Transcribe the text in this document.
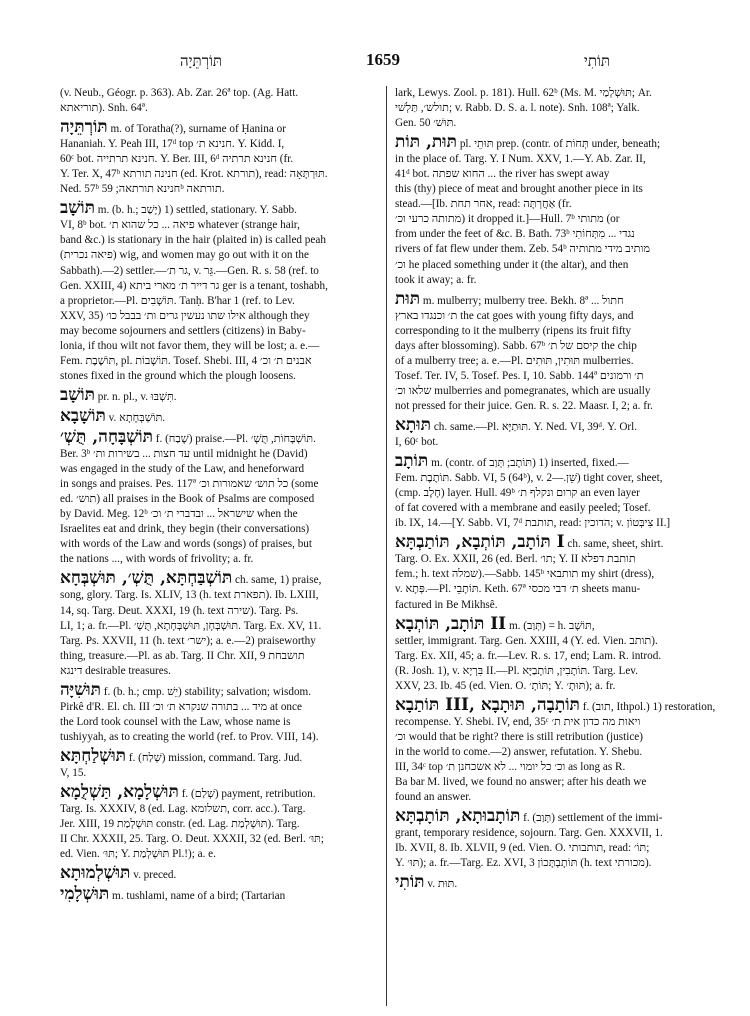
תּוֹרְתֵּיָה	1659	תּוֹתִי
(v. Neub., Géogr. p. 363). Ab. Zar. 26ª top. (Ag. Hatt.
תוריאתא). Snh. 64ª.
תּוֹרְתֵּיָה m. of Toratha(?), surname of Ḥanina or
Hananiah. Y. Peah III, 17ᵈ top חנינא ת׳. Y. Kidd. I,
60ᶜ bot. חנינא תרתייה. Y. Ber. III, 6ᵈ חנינא תרתיה (fr.
Y. Ter. X, 47ᵇ חנינה תורתא (ed. Krot. תורתא), read: תּוּרְתָּאָה.
Ned. 57ᵇ חנינא תורתאה; 59ᵇ תורתאה.
תּוֹשָׁב m. (b. h.; יָשַׁב) 1) settled, stationary. Y. Sabb.
VI, 8ᵇ bot. פיאה ... כל שהוא ת׳ whatever (strange hair,
band &c.) is stationary in the hair (plaited in) is called peah
(פיאה נכרית) wig, and women may go out with it on the
Sabbath).—2) settler.—גר ת׳, v. גֵּר.—Gen. R. s. 58 (ref. to
Gen. XXIII, 4) גר דייר ת׳ מארי ביתא ger is a tenant, toshabh,
a proprietor.—Pl. תּוֹשָׁבִים. Tanḥ. B'har 1 (ref. to Lev.
XXV, 35) אילו שתו נעשין גרים ות׳ בבבל כו׳ although they
may become sojourners and settlers (citizens) in Baby-
lonia, if thou wilt not favor them, they will be lost; a. e.—
Fem. תּוֹשֶׁבֶת, pl. תּוֹשָׁבוֹת. Tosef. Shebi. III, 4 אבנים ת׳ וכ׳
stones fixed in the ground which the plough loosens.
תּוֹשָׁב pr. n. pl., v. תִּשְׁבּוּ.
תּוֹשָׁבָא v. תּוֹשְׁבְּחָתָא.
תּוֹשְׁבָּחָה, תֻּשְׁ׳ f. (שָׁבַח) praise.—Pl. תּוֹשְׁבָּחוֹת, תֻּשְׁ׳.
Ber. 3ᵇ עד חצות ... בשירות ות׳ until midnight he (David)
was engaged in the study of the Law, and heneforward
in songs and praises. Pes. 117ª כל תוש׳ שאמורות וכ׳ (some
ed. תוש׳) all praises in the Book of Psalms are composed
by David. Meg. 12ᵇ שישראל ... ובדברי ת׳ וכ׳ when the
Israelites eat and drink, they begin (their conversations)
with words of the Law and words (songs) of praises, but
the nations ..., with words of frivolity; a. fr.
תּוֹשְׁבַּחְתָּא, תֻּשְׁ׳, תּוּשְׁבְּחָא ch. same, 1) praise,
song, glory. Targ. Is. XLIV, 13 (h. text תפארת). Ib. LXIII,
14, sq. Targ. Deut. XXXI, 19 (h. text שירה). Targ. Ps.
LI, 1; a. fr.—Pl. תּוּשְׁבְּחָן, תּוּשְׁבְּחָתָא, תֻּשְׁ׳. Targ. Ex. XV, 11.
Targ. Ps. XXVII, 11 (h. text ישר׳); a. e.—2) praiseworthy
thing, treasure.—Pl. as ab. Targ. II Chr. XII, 9 תושבחת
דינגא desirable treasures.
תּוּשִׁיָּה f. (b. h.; cmp. יֵשׁ) stability; salvation; wisdom.
Pirkê d'R. El. ch. III מיד ... בתורה שנקרא ת׳ וכ׳ at once
the Lord took counsel with the Law, whose name is
tushiyyah, as to creating the world (ref. to Prov. VIII, 14).
תּוּשְׁלַחְתָּא f. (שְׁלַח) mission, command. Targ. Jud.
V, 15.
תּוּשְׁלָמָא, תַּשְׁלֻמָא f. (שְׁלַם) payment, retribution.
Targ. Is. XXXIV, 8 (ed. Lag. תשלומא, corr. acc.). Targ.
Jer. XIII, 19 תּוּשְׁלְמַת constr. (ed. Lag. תּוּשְׁלְמַת). Targ.
II Chr. XXXII, 25. Targ. O. Deut. XXXII, 32 (ed. Berl. תּוּ׳;
ed. Vien. תּוּ׳; Y. תּוּשְׁלְמַת Pl.!); a. e.
תּוּשְׁלְמוּתָא v. preced.
תּוּשְׁלָמִי m. tushlami, name of a bird; (Tartarian
lark, Lewys. Zool. p. 181). Hull. 62ᵇ (Ms. M. תּוּשְׁלְמַי; Ar.
תולש׳, תַּלְשׁי; v. Rabb. D. S. a. l. note). Snh. 108ª; Yalk.
Gen. 50 תּוּשׁ׳.
תּוּת, תּוֹת pl. תּוּתֵי prep. (contr. of תְּחוֹת under, beneath;
in the place of. Targ. Y. I Num. XXV, 1.—Y. Ab. Zar. II,
41ᵈ bot. החוא שפתה ... the river has swept away
this (thy) piece of meat and brought another piece in its
stead.—[Ib. אחר תחת, read: אַחֲרְתָּה (fr.
מתותה כרעי וכ׳) it dropped it.]—Hull. 7ᵇ מתותי (or
from under the feet of &c. B. Bath. 73ᵇ נגדי ... מִתְּחוֹתִי
rivers of fat flew under them. Zeb. 54ᵇ מותיב מידי מתותיה
וכ׳ he placed something under it (the altar), and then
took it away; a. fr.
תּוּת m. mulberry; mulberry tree. Bekh. 8ª ... חתול
ת׳ וכנגדו בארץ the cat goes with young fifty days, and
corresponding to it the mulberry (ripens its fruit fifty
days after blossoming). Sabb. 67ᵇ קיסם של ת׳ the chip
of a mulberry tree; a. e.—Pl. תּוּתִין, תּוּתִים mulberries.
Tosef. Ter. IV, 5. Tosef. Pes. I, 10. Sabb. 144ª ת׳ ורמונים
שלאו וכ׳ mulberries and pomegranates, which are usually
not pressed for their juice. Gen. R. s. 22. Maasr. I, 2; a. fr.
תּוּתָא ch. same.—Pl. תּוּתַיָּא. Y. Ned. VI, 39ᵈ. Y. Orl.
I, 60ᶜ bot.
תּוֹתָב m. (contr. of תּוֹתָב; תְּוַב) 1) inserted, fixed.—
Fem. תּוֹתֶבֶת. Sabb. VI, 5 (64ᵇ), v. שֵׁן.—2) tight cover, sheet,
(cmp. חָלָב) layer. Hull. 49ᵇ קרום ונקלף ת׳ an even layer
of fat covered with a membrane and easily peeled; Tosef.
ib. IX, 14.—[Y. Sabb. VI, 7ᵈ תותבת, read: הדוכין; v. צִיבְּטוֹן II.]
תּוֹתָב, תּוֹתְבָא, תּוֹתַבְתָּא I ch. same, sheet, shirt.
Targ. O. Ex. XXII, 26 (ed. Berl. תו׳; Y. II תותבת דפלא
fem.; h. text שמלה).—Sabb. 145ᵇ תותבאי my shirt (dress),
v. פְּתָא.—Pl. תּוֹתָבֵי. Keth. 67ª ת׳ דבי מכסי sheets manu-
factured in Be Mikhsê.
תּוֹתָב, תּוֹתְבָא II m. (תְּוַב) = h. תּוֹשָׁב,
settler, immigrant. Targ. Gen. XXIII, 4 (Y. ed. Vien. תותב).
Targ. Ex. XII, 45; a. fr.—Lev. R. s. 17, end; Lam. R. introd.
(R. Josh. 1), v. בִּרְיָא II.—Pl. תּוֹתָבִין, תּוֹתָבַיָּא. Targ. Lev.
XXV, 23. Ib. 45 (ed. Vien. O. תּוֹתָ׳; Y. תּוּתָ׳); a. fr.
תּוֹתַבָא III, תּוֹתָבָה, תּוּתָבָא f. (תוב, Ithpol.) 1) restoration,
recompense. Y. Shebi. IV, end, 35ᶜ ויאות מה כדון אית ת׳
וכ׳ would that be right? there is still retribution (justice)
in the world to come.—2) answer, refutation. Y. Shebu.
III, 34ᶜ top וכ׳ כל יומוי ... לא אשכחנן ת׳ as long as R.
Ba bar M. lived, we found no answer; after his death we
found an answer.
תּוֹתָבוּתָא, תּוֹתָבְתָּא f. (תְּוַב) settlement of the immi-
grant, temporary residence, sojourn. Targ. Gen. XXXVII, 1.
Ib. XVII, 8. Ib. XLVII, 9 (ed. Vien. O. תותבותי, read: תּוֹ׳;
Y. תּוּ׳); a. fr.—Targ. Ez. XVI, 3 תּוֹתָבְתָּכוֹן (h. text מכורתי).
תּוֹתִי v. תּוּת.
